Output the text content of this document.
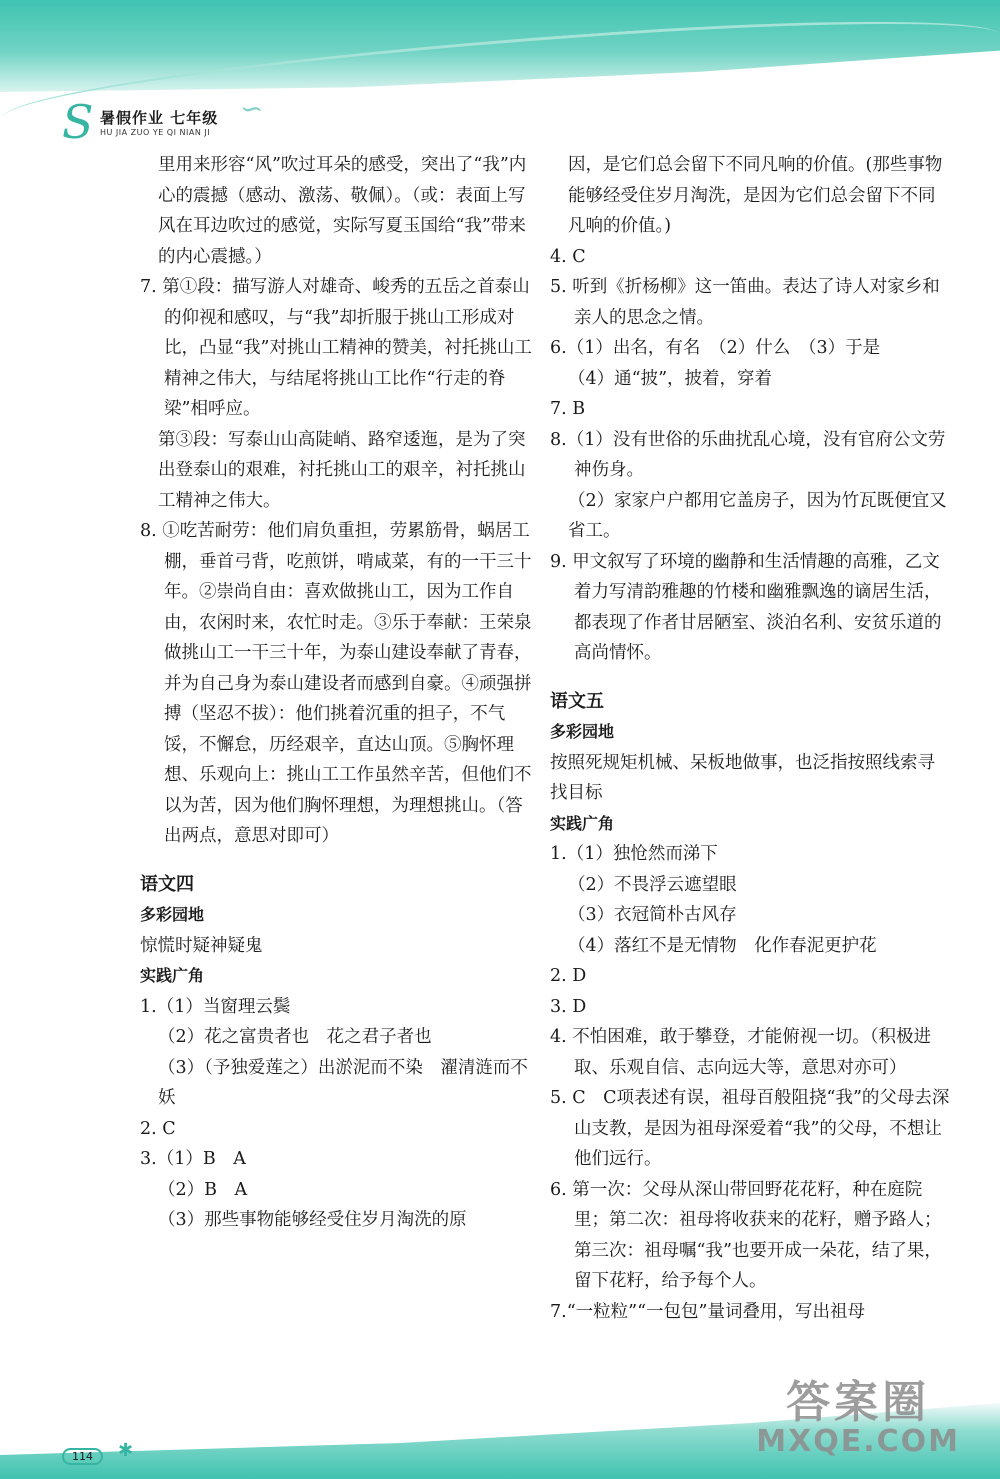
S 暑假作业 七年级
HU JIA ZUO YE QI NIAN JI
∽

里用来形容“风”吹过耳朵的感受，突出了“我”内心的震撼（感动、激荡、敬佩）。（或：表面上写风在耳边吹过的感觉，实际写夏玉国给“我”带来的内心震撼。）

7. 第①段：描写游人对雄奇、峻秀的五岳之首泰山的仰视和感叹，与“我”却折服于挑山工形成对比，凸显“我”对挑山工精神的赞美，衬托挑山工精神之伟大，与结尾将挑山工比作“行走的脊梁”相呼应。

第③段：写泰山山高陡峭、路窄逶迤，是为了突出登泰山的艰难，衬托挑山工的艰辛，衬托挑山工精神之伟大。

8. ①吃苦耐劳：他们肩负重担，劳累筋骨，蜗居工棚，垂首弓背，吃煎饼，啃咸菜，有的一干三十年。②崇尚自由：喜欢做挑山工，因为工作自由，农闲时来，农忙时走。③乐于奉献：王荣泉做挑山工一干三十年，为泰山建设奉献了青春，并为自己身为泰山建设者而感到自豪。④顽强拼搏（坚忍不拔）：他们挑着沉重的担子，不气馁，不懈怠，历经艰辛，直达山顶。⑤胸怀理想、乐观向上：挑山工工作虽然辛苦，但他们不以为苦，因为他们胸怀理想，为理想挑山。（答出两点，意思对即可）

语文四

多彩园地

惊慌时疑神疑鬼

实践广角

1.（1）当窗理云鬓

（2）花之富贵者也　花之君子者也

（3）（予独爱莲之）出淤泥而不染　濯清涟而不妖

2. C

3.（1）B　A

（2）B　A

（3）那些事物能够经受住岁月淘洗的原

因，是它们总会留下不同凡响的价值。(那些事物能够经受住岁月淘洗，是因为它们总会留下不同凡响的价值。)

4. C

5. 听到《折杨柳》这一笛曲。表达了诗人对家乡和亲人的思念之情。

6.（1）出名，有名　（2）什么　（3）于是

（4）通“披”，披着，穿着

7. B

8.（1）没有世俗的乐曲扰乱心境，没有官府公文劳神伤身。

（2）家家户户都用它盖房子，因为竹瓦既便宜又省工。

9. 甲文叙写了环境的幽静和生活情趣的高雅，乙文着力写清韵雅趣的竹楼和幽雅飘逸的谪居生活，都表现了作者甘居陋室、淡泊名利、安贫乐道的高尚情怀。

语文五

多彩园地

按照死规矩机械、呆板地做事，也泛指按照线索寻找目标

实践广角

1.（1）独怆然而涕下

（2）不畏浮云遮望眼

（3）衣冠简朴古风存

（4）落红不是无情物　化作春泥更护花

2. D

3. D

4. 不怕困难，敢于攀登，才能俯视一切。（积极进取、乐观自信、志向远大等，意思对亦可）

5. C　C项表述有误，祖母百般阻挠“我”的父母去深山支教，是因为祖母深爱着“我”的父母，不想让他们远行。

6. 第一次：父母从深山带回野花花籽，种在庭院里；第二次：祖母将收获来的花籽，赠予路人；第三次：祖母嘱“我”也要开成一朵花，结了果，留下花籽，给予每个人。

7.“一粒粒”“一包包”量词叠用，写出祖母

114	✱
答案圈
MXQE.COM
